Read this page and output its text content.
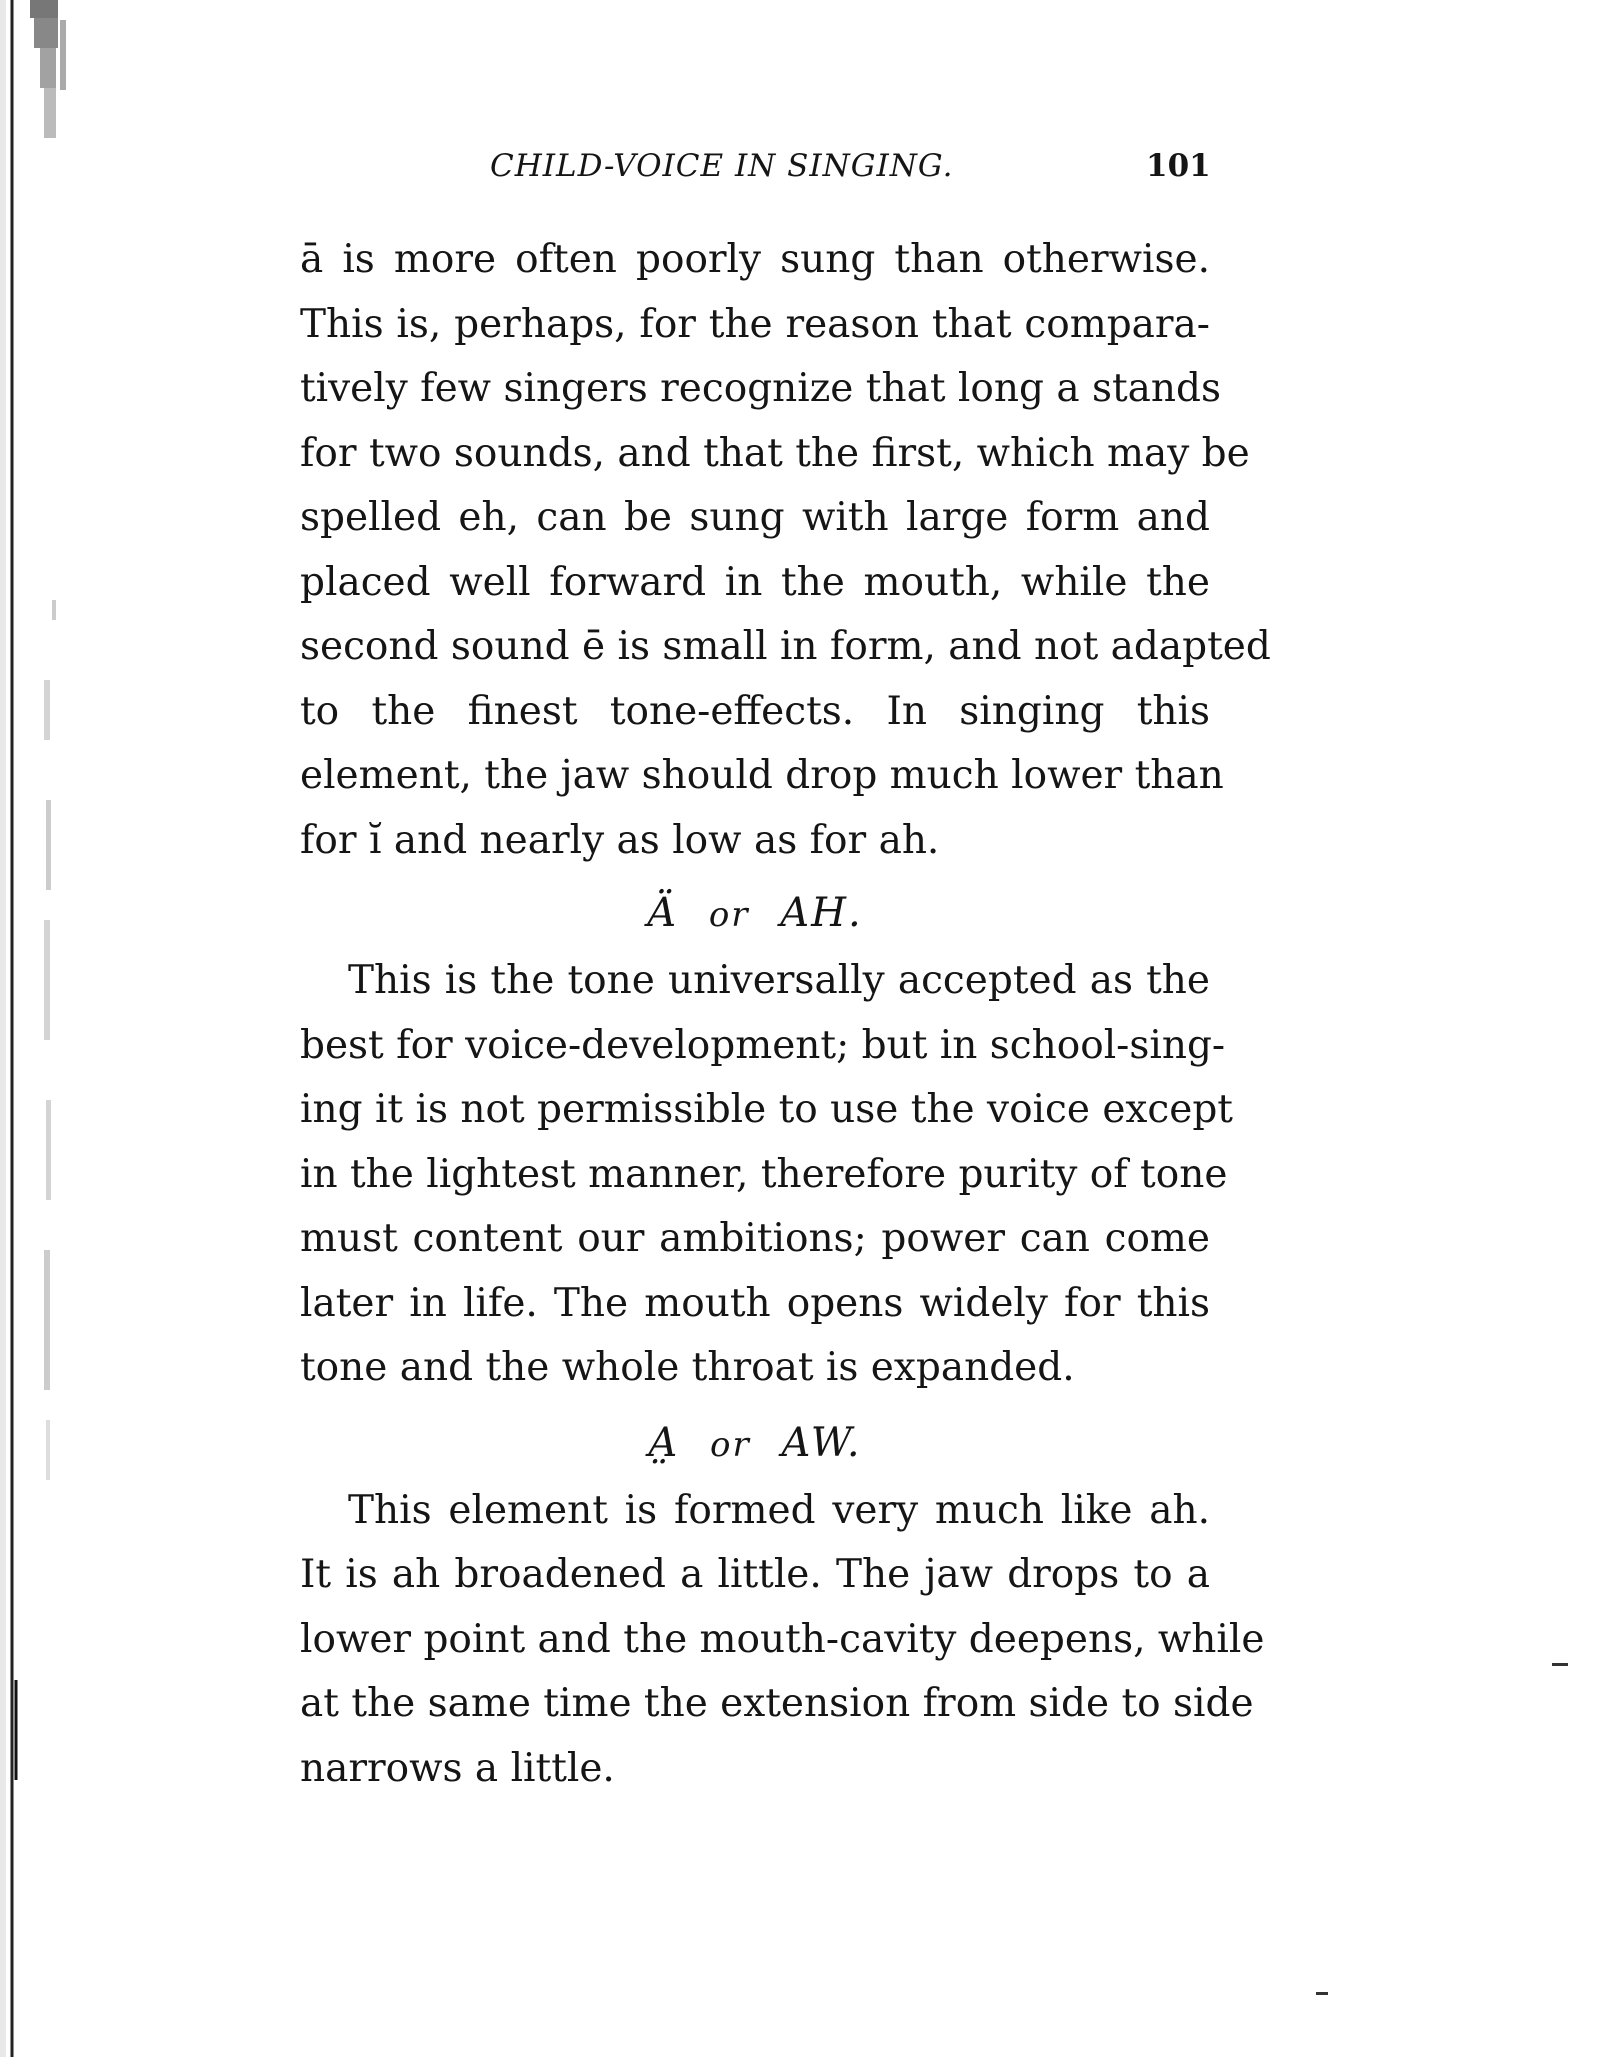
CHILD-VOICE IN SINGING.	101
ā is more often poorly sung than otherwise.
This is, perhaps, for the reason that compara-
tively few singers recognize that long a stands
for two sounds, and that the first, which may be
spelled eh, can be sung with large form and
placed well forward in the mouth, while the
second sound ē is small in form, and not adapted
to the finest tone-effects. In singing this
element, the jaw should drop much lower than
for ĭ and nearly as low as for ah.
Ä or AH.
This is the tone universally accepted as the
best for voice-development; but in school-sing-
ing it is not permissible to use the voice except
in the lightest manner, therefore purity of tone
must content our ambitions; power can come
later in life. The mouth opens widely for this
tone and the whole throat is expanded.
A̤ or AW.
This element is formed very much like ah.
It is ah broadened a little. The jaw drops to a
lower point and the mouth-cavity deepens, while
at the same time the extension from side to side
narrows a little.
